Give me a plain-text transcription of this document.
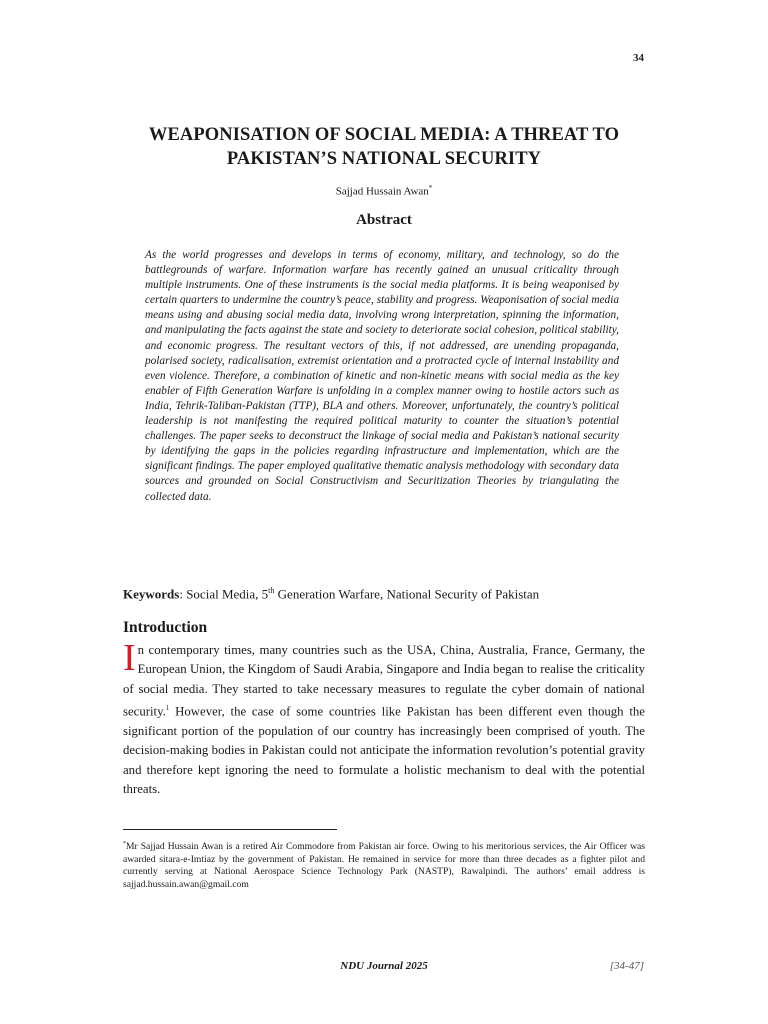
34
WEAPONISATION OF SOCIAL MEDIA: A THREAT TO PAKISTAN’S NATIONAL SECURITY
Sajjad Hussain Awan*
Abstract

As the world progresses and develops in terms of economy, military, and technology, so do the battlegrounds of warfare. Information warfare has recently gained an unusual criticality through multiple instruments. One of these instruments is the social media platforms. It is being weaponised by certain quarters to undermine the country’s peace, stability and progress. Weaponisation of social media means using and abusing social media data, involving wrong interpretation, spinning the information, and manipulating the facts against the state and society to deteriorate social cohesion, political stability, and economic progress. The resultant vectors of this, if not addressed, are unending propaganda, polarised society, radicalisation, extremist orientation and a protracted cycle of internal instability and even violence. Therefore, a combination of kinetic and non-kinetic means with social media as the key enabler of Fifth Generation Warfare is unfolding in a complex manner owing to hostile actors such as India, Tehrik-Taliban-Pakistan (TTP), BLA and others. Moreover, unfortunately, the country’s political leadership is not manifesting the required political maturity to counter the situation’s potential challenges. The paper seeks to deconstruct the linkage of social media and Pakistan’s national security by identifying the gaps in the policies regarding infrastructure and implementation, which are the significant findings. The paper employed qualitative thematic analysis methodology with secondary data sources and grounded on Social Constructivism and Securitization Theories by triangulating the collected data.

Keywords: Social Media, 5th Generation Warfare, National Security of Pakistan
Introduction

In contemporary times, many countries such as the USA, China, Australia, France, Germany, the European Union, the Kingdom of Saudi Arabia, Singapore and India began to realise the criticality of social media. They started to take necessary measures to regulate the cyber domain of national security.$^1$ However, the case of some countries like Pakistan has been different even though the significant portion of the population of our country has increasingly been comprised of youth. The decision-making bodies in Pakistan could not anticipate the information revolution’s potential gravity and therefore kept ignoring the need to formulate a holistic mechanism to deal with the potential threats.

*Mr Sajjad Hussain Awan is a retired Air Commodore from Pakistan air force. Owing to his meritorious services, the Air Officer was awarded sitara-e-Imtiaz by the government of Pakistan. He remained in service for more than three decades as a fighter pilot and currently serving at National Aerospace Science Technology Park (NASTP), Rawalpindi. The authors’ email address is sajjad.hussain.awan@gmail.com

NDU Journal 2025	[34-47]
